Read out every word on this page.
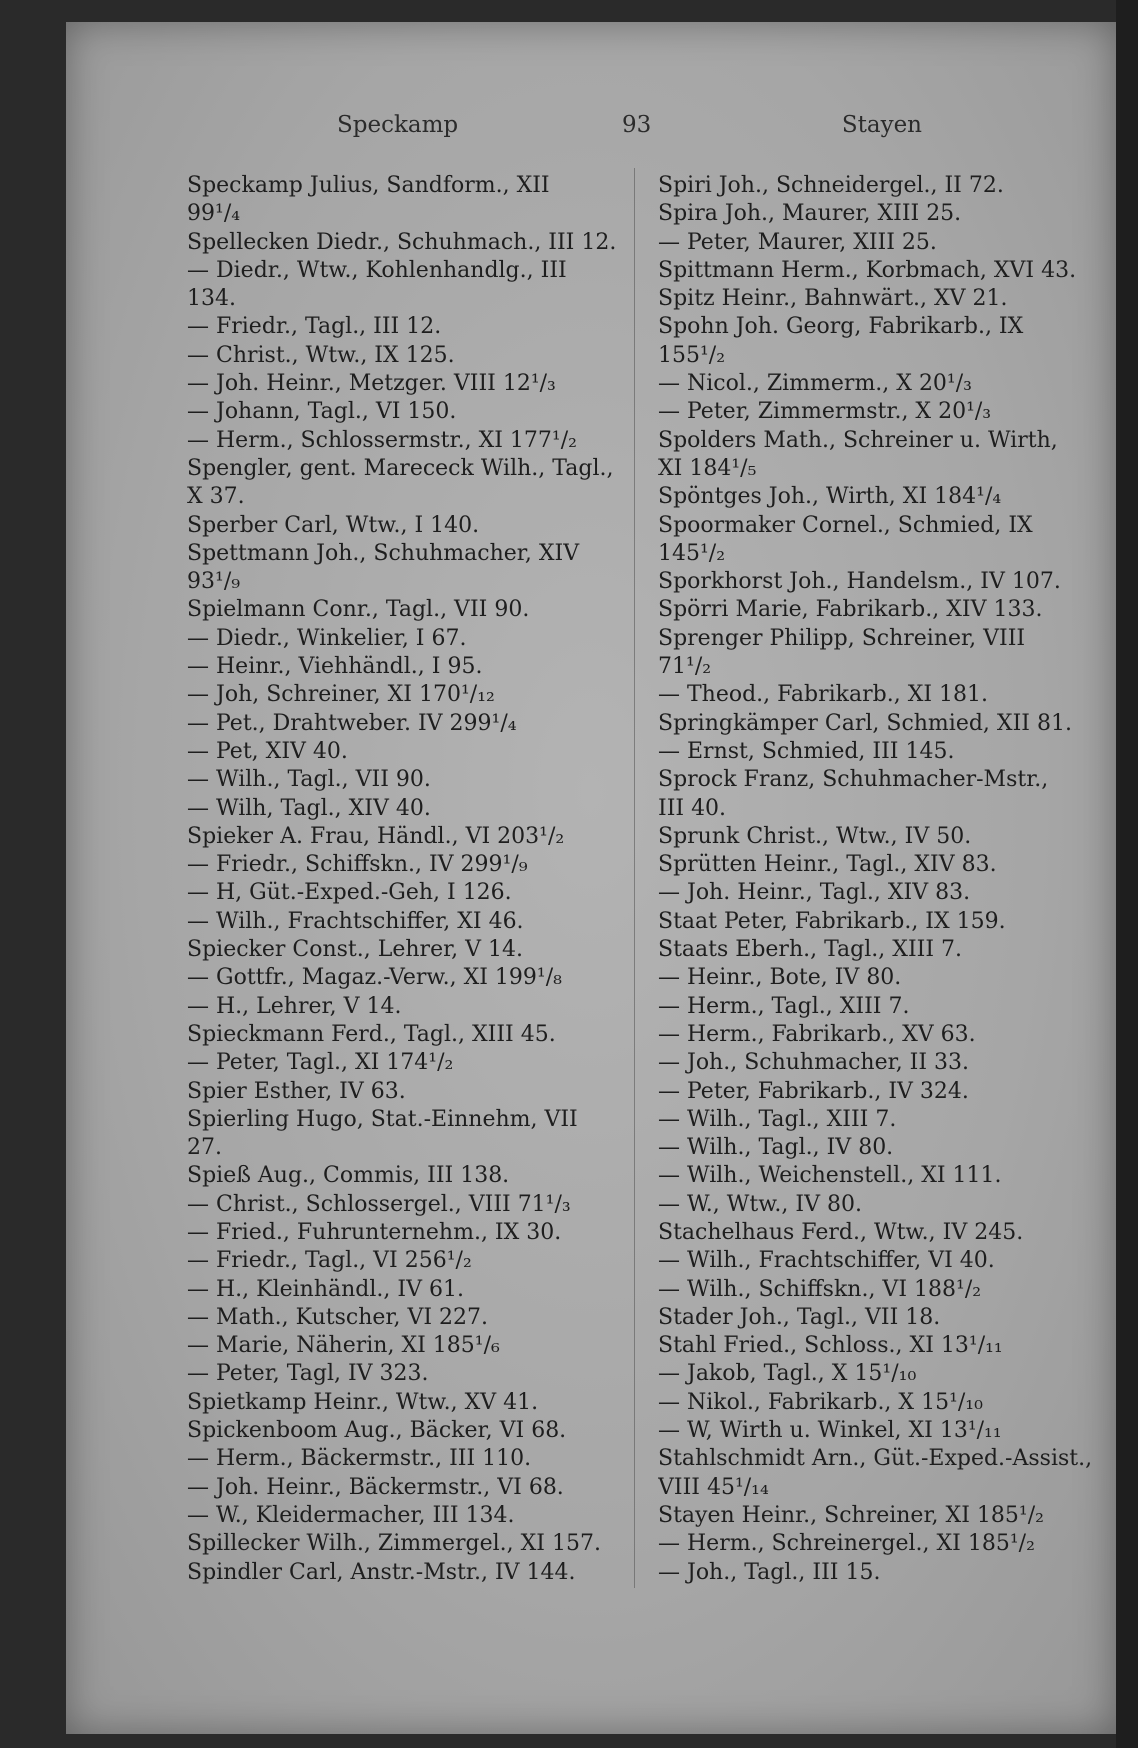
Speckamp	93	Stayen
Speckamp Julius, Sandform., XII
99¹/₄
Spellecken Diedr., Schuhmach., III 12.
— Diedr., Wtw., Kohlenhandlg., III
134.
— Friedr., Tagl., III 12.
— Christ., Wtw., IX 125.
— Joh. Heinr., Metzger. VIII 12¹/₃
— Johann, Tagl., VI 150.
— Herm., Schlossermstr., XI 177¹/₂
Spengler, gent. Marececk Wilh., Tagl.,
X 37.
Sperber Carl, Wtw., I 140.
Spettmann Joh., Schuhmacher, XIV
93¹/₉
Spielmann Conr., Tagl., VII 90.
— Diedr., Winkelier, I 67.
— Heinr., Viehhändl., I 95.
— Joh, Schreiner, XI 170¹/₁₂
— Pet., Drahtweber. IV 299¹/₄
— Pet, XIV 40.
— Wilh., Tagl., VII 90.
— Wilh, Tagl., XIV 40.
Spieker A. Frau, Händl., VI 203¹/₂
— Friedr., Schiffskn., IV 299¹/₉
— H, Güt.-Exped.-Geh, I 126.
— Wilh., Frachtschiffer, XI 46.
Spiecker Const., Lehrer, V 14.
— Gottfr., Magaz.-Verw., XI 199¹/₈
— H., Lehrer, V 14.
Spieckmann Ferd., Tagl., XIII 45.
— Peter, Tagl., XI 174¹/₂
Spier Esther, IV 63.
Spierling Hugo, Stat.-Einnehm, VII
27.
Spieß Aug., Commis, III 138.
— Christ., Schlossergel., VIII 71¹/₃
— Fried., Fuhrunternehm., IX 30.
— Friedr., Tagl., VI 256¹/₂
— H., Kleinhändl., IV 61.
— Math., Kutscher, VI 227.
— Marie, Näherin, XI 185¹/₆
— Peter, Tagl, IV 323.
Spietkamp Heinr., Wtw., XV 41.
Spickenboom Aug., Bäcker, VI 68.
— Herm., Bäckermstr., III 110.
— Joh. Heinr., Bäckermstr., VI 68.
— W., Kleidermacher, III 134.
Spillecker Wilh., Zimmergel., XI 157.
Spindler Carl, Anstr.-Mstr., IV 144.
Spiri Joh., Schneidergel., II 72.
Spira Joh., Maurer, XIII 25.
— Peter, Maurer, XIII 25.
Spittmann Herm., Korbmach, XVI 43.
Spitz Heinr., Bahnwärt., XV 21.
Spohn Joh. Georg, Fabrikarb., IX
155¹/₂
— Nicol., Zimmerm., X 20¹/₃
— Peter, Zimmermstr., X 20¹/₃
Spolders Math., Schreiner u. Wirth,
XI 184¹/₅
Spöntges Joh., Wirth, XI 184¹/₄
Spoormaker Cornel., Schmied, IX
145¹/₂
Sporkhorst Joh., Handelsm., IV 107.
Spörri Marie, Fabrikarb., XIV 133.
Sprenger Philipp, Schreiner, VIII
71¹/₂
— Theod., Fabrikarb., XI 181.
Springkämper Carl, Schmied, XII 81.
— Ernst, Schmied, III 145.
Sprock Franz, Schuhmacher-Mstr.,
III 40.
Sprunk Christ., Wtw., IV 50.
Sprütten Heinr., Tagl., XIV 83.
— Joh. Heinr., Tagl., XIV 83.
Staat Peter, Fabrikarb., IX 159.
Staats Eberh., Tagl., XIII 7.
— Heinr., Bote, IV 80.
— Herm., Tagl., XIII 7.
— Herm., Fabrikarb., XV 63.
— Joh., Schuhmacher, II 33.
— Peter, Fabrikarb., IV 324.
— Wilh., Tagl., XIII 7.
— Wilh., Tagl., IV 80.
— Wilh., Weichenstell., XI 111.
— W., Wtw., IV 80.
Stachelhaus Ferd., Wtw., IV 245.
— Wilh., Frachtschiffer, VI 40.
— Wilh., Schiffskn., VI 188¹/₂
Stader Joh., Tagl., VII 18.
Stahl Fried., Schloss., XI 13¹/₁₁
— Jakob, Tagl., X 15¹/₁₀
— Nikol., Fabrikarb., X 15¹/₁₀
— W, Wirth u. Winkel, XI 13¹/₁₁
Stahlschmidt Arn., Güt.-Exped.-Assist.,
VIII 45¹/₁₄
Stayen Heinr., Schreiner, XI 185¹/₂
— Herm., Schreinergel., XI 185¹/₂
— Joh., Tagl., III 15.
